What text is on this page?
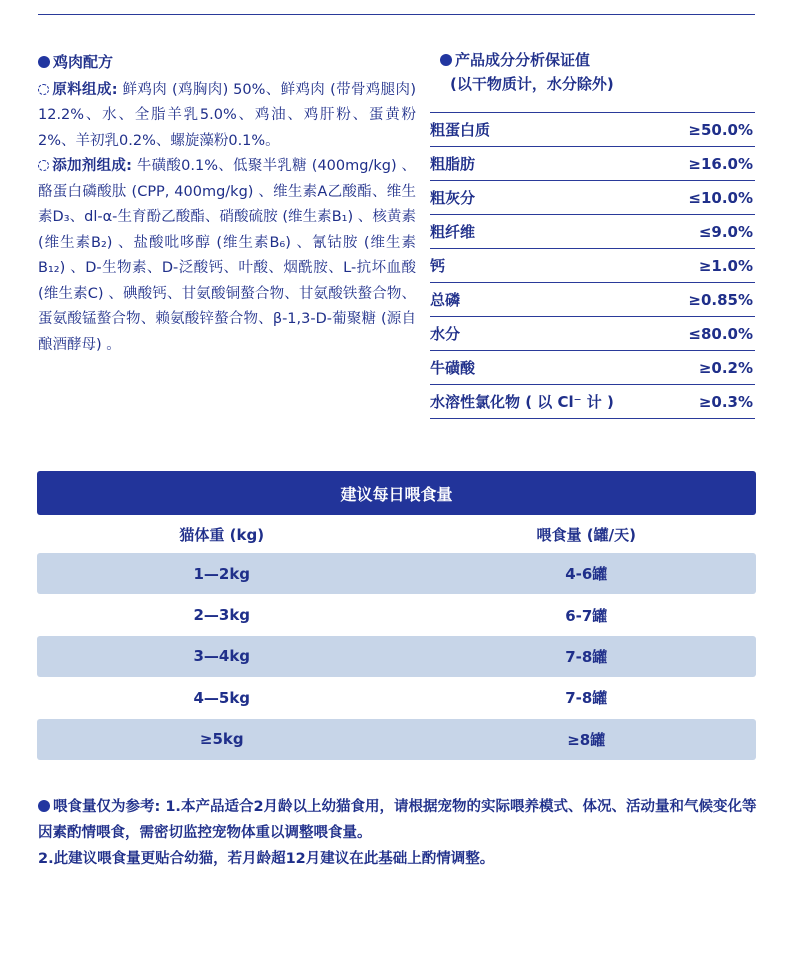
鸡肉配方
原料组成: 鲜鸡肉 (鸡胸肉) 50%、鲜鸡肉 (带骨鸡腿肉) 12.2%、水、全脂羊乳5.0%、鸡油、鸡肝粉、蛋黄粉2%、羊初乳0.2%、螺旋藻粉0.1%。
添加剂组成: 牛磺酸0.1%、低聚半乳糖 (400mg/kg) 、酪蛋白磷酸肽 (CPP, 400mg/kg) 、维生素A乙酸酯、维生素D₃、dl-α-生育酚乙酸酯、硝酸硫胺 (维生素B₁) 、核黄素 (维生素B₂) 、盐酸吡哆醇 (维生素B₆) 、氰钴胺 (维生素B₁₂) 、D-生物素、D-泛酸钙、叶酸、烟酰胺、L-抗坏血酸 (维生素C) 、碘酸钙、甘氨酸铜螯合物、甘氨酸铁螯合物、蛋氨酸锰螯合物、赖氨酸锌螯合物、β-1,3-D-葡聚糖 (源自酿酒酵母) 。
产品成分分析保证值
(以干物质计，水分除外)
粗蛋白质	≥50.0%
粗脂肪	≥16.0%
粗灰分	≤10.0%
粗纤维	≤9.0%
钙	≥1.0%
总磷	≥0.85%
水分	≤80.0%
牛磺酸	≥0.2%
水溶性氯化物 ( 以 Cl⁻ 计 )	≥0.3%
建议每日喂食量
猫体重 (kg)	喂食量 (罐/天)
1—2kg	4-6罐
2—3kg	6-7罐
3—4kg	7-8罐
4—5kg	7-8罐
≥5kg	≥8罐
喂食量仅为参考: 1.本产品适合2月龄以上幼猫食用，请根据宠物的实际喂养模式、体况、活动量和气候变化等因素酌情喂食，需密切监控宠物体重以调整喂食量。
2.此建议喂食量更贴合幼猫，若月龄超12月建议在此基础上酌情调整。
